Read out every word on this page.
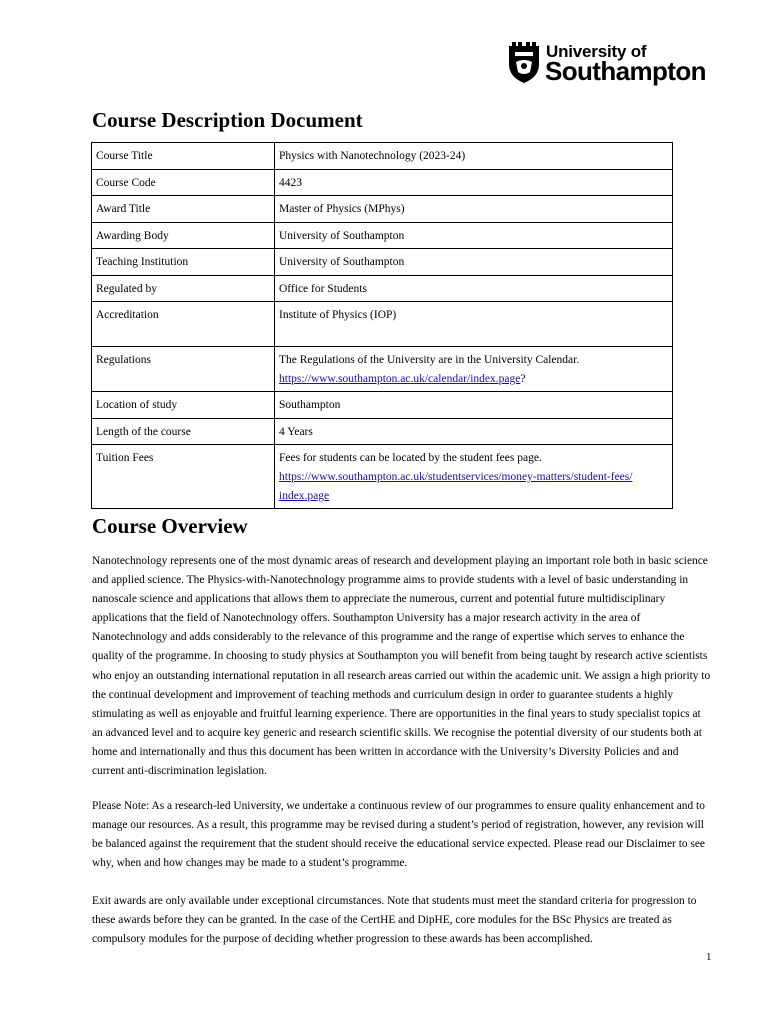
University of
Southampton
Course Description Document
Course Title	Physics with Nanotechnology (2023-24)
Course Code	4423
Award Title	Master of Physics (MPhys)
Awarding Body	University of Southampton
Teaching Institution	University of Southampton
Regulated by	Office for Students
Accreditation	Institute of Physics (IOP)
Regulations	The Regulations of the University are in the University Calendar.
https://www.southampton.ac.uk/calendar/index.page?
Location of study	Southampton
Length of the course	4 Years
Tuition Fees	Fees for students can be located by the student fees page.
https://www.southampton.ac.uk/studentservices/money-matters/student-fees/
index.page
Course Overview

Nanotechnology represents one of the most dynamic areas of research and development playing an important role both in basic science and applied science. The Physics-with-Nanotechnology programme aims to provide students with a level of basic understanding in nanoscale science and applications that allows them to appreciate the numerous, current and potential future multidisciplinary applications that the field of Nanotechnology offers. Southampton University has a major research activity in the area of Nanotechnology and adds considerably to the relevance of this programme and the range of expertise which serves to enhance the quality of the programme. In choosing to study physics at Southampton you will benefit from being taught by research active scientists who enjoy an outstanding international reputation in all research areas carried out within the academic unit. We assign a high priority to the continual development and improvement of teaching methods and curriculum design in order to guarantee students a highly stimulating as well as enjoyable and fruitful learning experience. There are opportunities in the final years to study specialist topics at an advanced level and to acquire key generic and research scientific skills. We recognise the potential diversity of our students both at home and internationally and thus this document has been written in accordance with the University’s Diversity Policies and and current anti-discrimination legislation.

Please Note: As a research-led University, we undertake a continuous review of our programmes to ensure quality enhancement and to manage our resources. As a result, this programme may be revised during a student’s period of registration, however, any revision will be balanced against the requirement that the student should receive the educational service expected. Please read our Disclaimer to see why, when and how changes may be made to a student’s programme.

Exit awards are only available under exceptional circumstances. Note that students must meet the standard criteria for progression to these awards before they can be granted. In the case of the CertHE and DipHE, core modules for the BSc Physics are treated as compulsory modules for the purpose of deciding whether progression to these awards has been accomplished.

1
